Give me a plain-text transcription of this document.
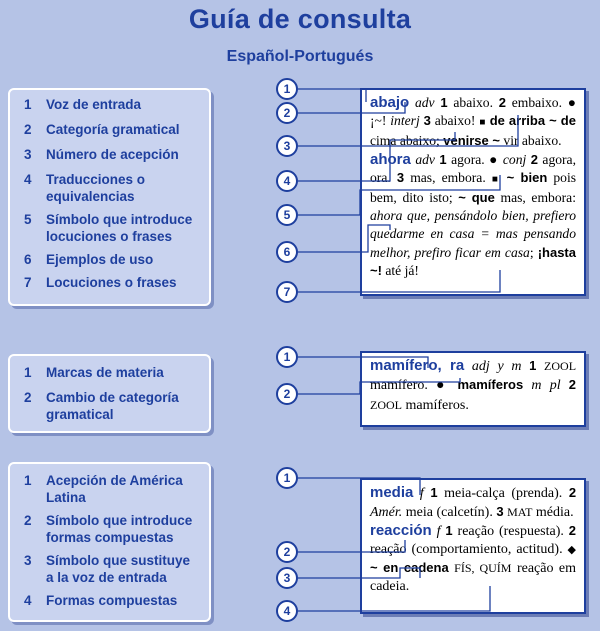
Guía de consulta
Español-Portugués
1	Voz de entrada
2	Categoría gramatical
3	Número de acepción
4	Traducciones o equivalencias
5	Símbolo que introduce locuciones o frases
6	Ejemplos de uso
7	Locuciones o frases
abajo adv 1 abaixo. 2 embaixo. ● ¡~! interj 3 abaixo! ■ de arriba ~ de cima abaixo; venirse ~ vir abaixo.
ahora adv 1 agora. ● conj 2 agora, ora. 3 mas, embora. ■ ~ bien pois bem, dito isto; ~ que mas, embora: ahora que, pensándolo bien, prefiero quedarme en casa = mas pensando melhor, prefiro ficar em casa; ¡hasta ~! até já!
1	Marcas de materia
2	Cambio de categoría gramatical
mamífero, ra adj y m 1 ZOOL mamífero. ● mamíferos m pl 2 ZOOL mamíferos.
1	Acepción de América Latina
2	Símbolo que introduce formas compuestas
3	Símbolo que sustituye a la voz de entrada
4	Formas compuestas
media f 1 meia-calça (prenda). 2 Amér. meia (calcetín). 3 MAT média.
reacción f 1 reação (respuesta). 2 reação (comportamiento, actitud). ◆ ~ en cadena FÍS, QUÍM reação em cadeia.
1
2
3
4
5
6
7
1
2
1
2
3
4
